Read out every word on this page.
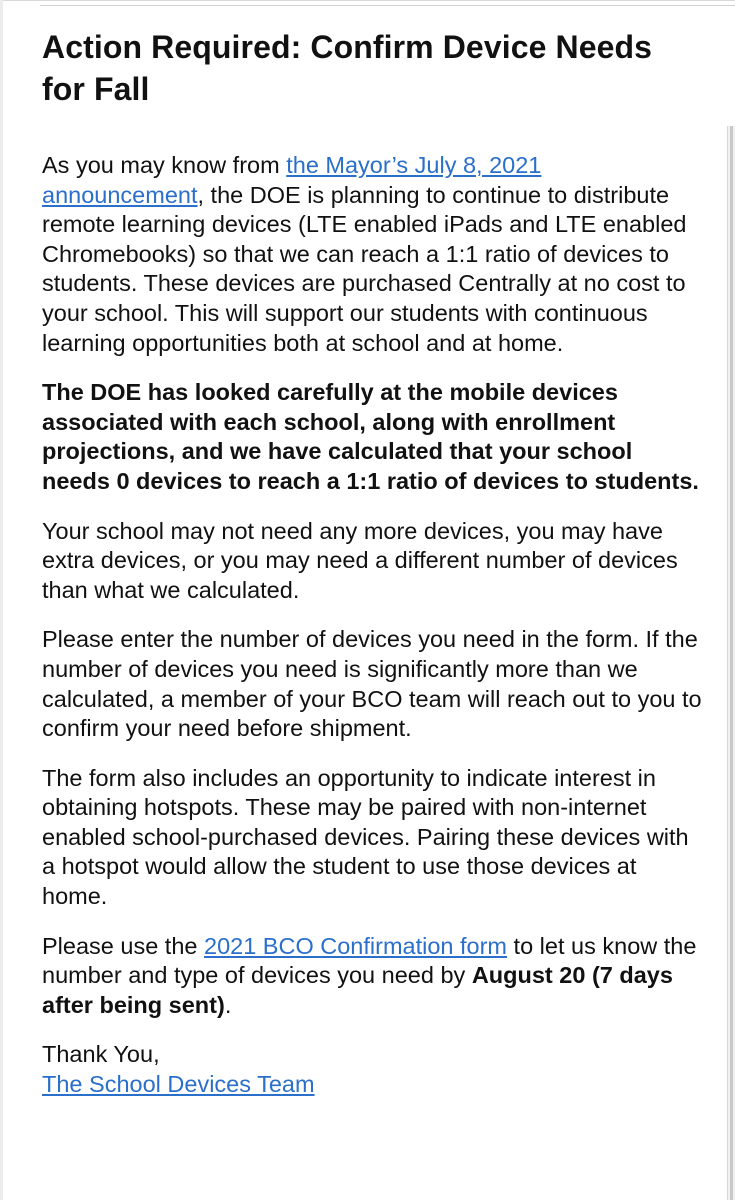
Action Required: Confirm Device Needs for Fall

As you may know from the Mayor’s July 8, 2021 announcement, the DOE is planning to continue to distribute remote learning devices (LTE enabled iPads and LTE enabled Chromebooks) so that we can reach a 1:1 ratio of devices to students. These devices are purchased Centrally at no cost to your school. This will support our students with continuous learning opportunities both at school and at home.

The DOE has looked carefully at the mobile devices associated with each school, along with enrollment projections, and we have calculated that your school needs 0 devices to reach a 1:1 ratio of devices to students.

Your school may not need any more devices, you may have extra devices, or you may need a different number of devices than what we calculated.

Please enter the number of devices you need in the form. If the number of devices you need is significantly more than we calculated, a member of your BCO team will reach out to you to confirm your need before shipment.

The form also includes an opportunity to indicate interest in obtaining hotspots. These may be paired with non-internet enabled school-purchased devices. Pairing these devices with a hotspot would allow the student to use those devices at home.

Please use the 2021 BCO Confirmation form to let us know the number and type of devices you need by August 20 (7 days after being sent).

Thank You,
The School Devices Team
